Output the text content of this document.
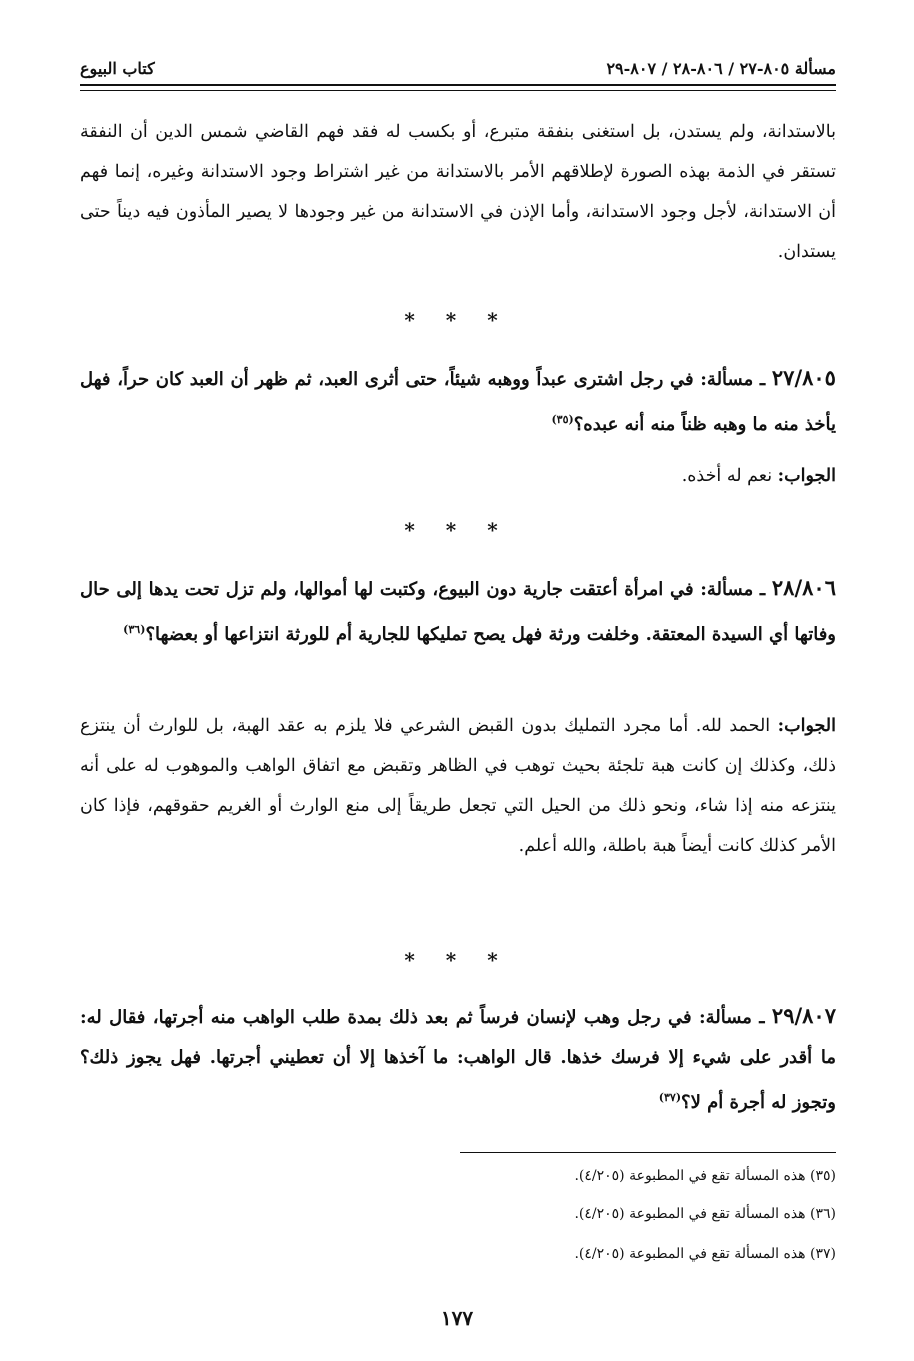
مسألة ٨٠٥-٢٧ / ٨٠٦-٢٨ / ٨٠٧-٢٩
كتاب البيوع
بالاستدانة، ولم يستدن، بل استغنى بنفقة متبرع، أو بكسب له فقد فهم القاضي شمس الدين أن النفقة تستقر في الذمة بهذه الصورة لإطلاقهم الأمر بالاستدانة من غير اشتراط وجود الاستدانة وغيره، إنما فهم أن الاستدانة، لأجل وجود الاستدانة، وأما الإذن في الاستدانة من غير وجودها لا يصير المأذون فيه ديناً حتى يستدان.
* * *
٢٧/٨٠٥ ـ مسألة: في رجل اشترى عبداً ووهبه شيئاً، حتى أثرى العبد، ثم ظهر أن العبد كان حراً، فهل يأخذ منه ما وهبه ظناً منه أنه عبده؟$^{(٣٥)}$
الجواب: نعم له أخذه.
* * *
٢٨/٨٠٦ ـ مسألة: في امرأة أعتقت جارية دون البيوع، وكتبت لها أموالها، ولم تزل تحت يدها إلى حال وفاتها أي السيدة المعتقة. وخلفت ورثة فهل يصح تمليكها للجارية أم للورثة انتزاعها أو بعضها؟$^{(٣٦)}$
الجواب: الحمد لله. أما مجرد التمليك بدون القبض الشرعي فلا يلزم به عقد الهبة، بل للوارث أن ينتزع ذلك، وكذلك إن كانت هبة تلجئة بحيث توهب في الظاهر وتقبض مع اتفاق الواهب والموهوب له على أنه ينتزعه منه إذا شاء، ونحو ذلك من الحيل التي تجعل طريقاً إلى منع الوارث أو الغريم حقوقهم، فإذا كان الأمر كذلك كانت أيضاً هبة باطلة، والله أعلم.
* * *
٢٩/٨٠٧ ـ مسألة: في رجل وهب لإنسان فرساً ثم بعد ذلك بمدة طلب الواهب منه أجرتها، فقال له: ما أقدر على شيء إلا فرسك خذها. قال الواهب: ما آخذها إلا أن تعطيني أجرتها. فهل يجوز ذلك؟ وتجوز له أجرة أم لا؟$^{(٣٧)}$
(٣٥) هذه المسألة تقع في المطبوعة (٤/٢٠٥).
(٣٦) هذه المسألة تقع في المطبوعة (٤/٢٠٥).
(٣٧) هذه المسألة تقع في المطبوعة (٤/٢٠٥).
١٧٧
